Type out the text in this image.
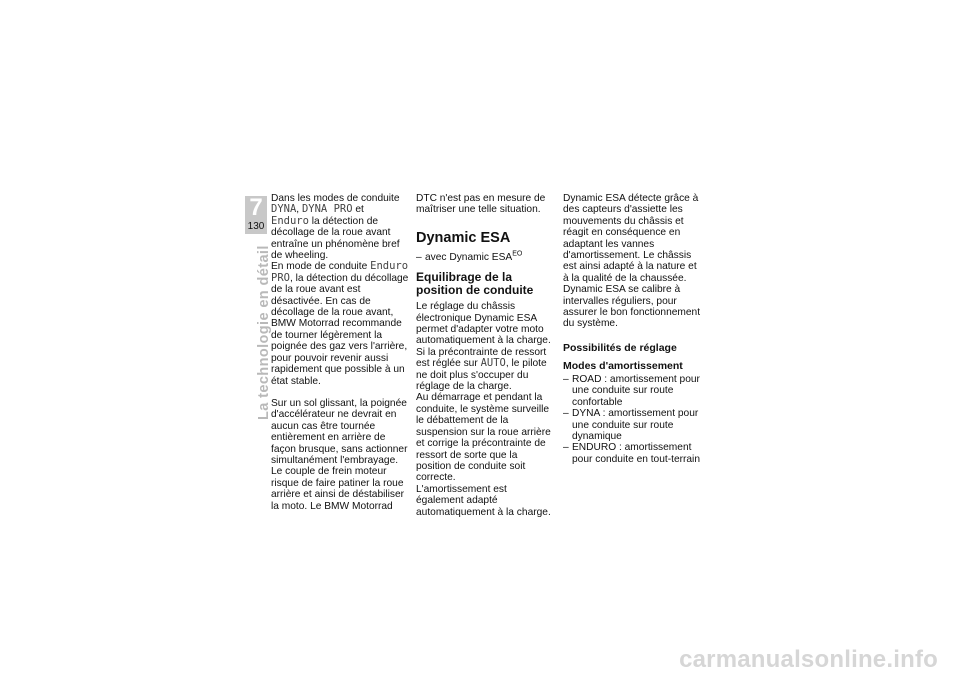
7
130
La technologie en détail

Dans les modes de conduite
DYNA, DYNA PRO et
Enduro la détection de décollage de la roue avant entraîne un phénomène bref de wheeling.

En mode de conduite Enduro PRO, la détection du décollage de la roue avant est désactivée. En cas de décollage de la roue avant, BMW Motorrad recommande de tourner légèrement la poignée des gaz vers l'arrière, pour pouvoir revenir aussi rapidement que possible à un état stable.

Sur un sol glissant, la poignée d'accélérateur ne devrait en aucun cas être tournée entièrement en arrière de façon brusque, sans actionner simultanément l'embrayage. Le couple de frein moteur risque de faire patiner la roue arrière et ainsi de déstabiliser la moto. Le BMW Motorrad

DTC n'est pas en mesure de maîtriser une telle situation.

Dynamic ESA

– avec Dynamic $ESA^{EO}$

Equilibrage de la position de conduite

Le réglage du châssis électronique Dynamic ESA permet d'adapter votre moto automatiquement à la charge. Si la précontrainte de ressort est réglée sur AUTO, le pilote ne doit plus s'occuper du réglage de la charge.

Au démarrage et pendant la conduite, le système surveille le débattement de la suspension sur la roue arrière et corrige la précontrainte de ressort de sorte que la position de conduite soit correcte.

L'amortissement est également adapté automatiquement à la charge.

Dynamic ESA détecte grâce à des capteurs d'assiette les mouvements du châssis et réagit en conséquence en adaptant les vannes d'amortissement. Le châssis est ainsi adapté à la nature et à la qualité de la chaussée.

Dynamic ESA se calibre à intervalles réguliers, pour assurer le bon fonctionnement du système.

Possibilités de réglage
Modes d'amortissement

– ROAD : amortissement pour une conduite sur route confortable

– DYNA : amortissement pour une conduite sur route dynamique

– ENDURO : amortissement pour conduite en tout-terrain

carmanualsonline.info
